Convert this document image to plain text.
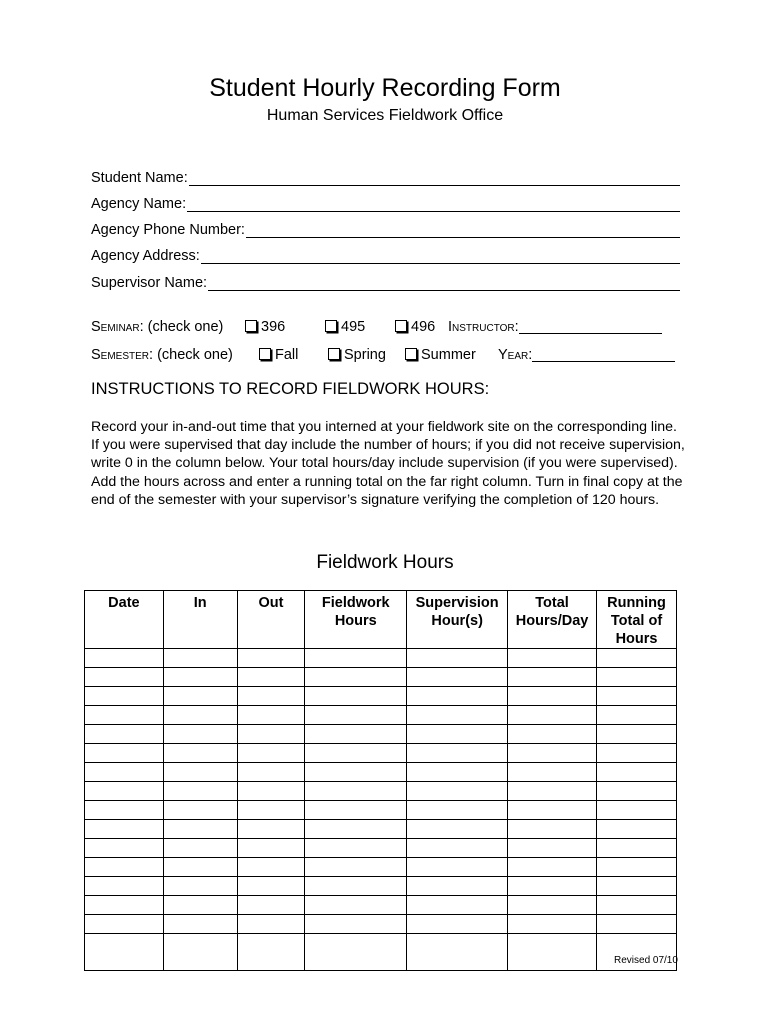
Student Hourly Recording Form
Human Services Fieldwork Office
Student Name:
Agency Name:
Agency Phone Number:
Agency Address:
Supervisor Name:
Seminar: (check one)	396	495	496 Instructor:
Semester: (check one)	Fall	Spring	Summer Year:
INSTRUCTIONS TO RECORD FIELDWORK HOURS:
Record your in-and-out time that you interned at your fieldwork site on the corresponding line. If you were supervised that day include the number of hours; if you did not receive supervision, write 0 in the column below. Your total hours/day include supervision (if you were supervised). Add the hours across and enter a running total on the far right column. Turn in final copy at the end of the semester with your supervisor’s signature verifying the completion of 120 hours.
Fieldwork Hours
Date	In	Out	Fieldwork Hours	Supervision Hour(s)	Total Hours/Day	Running Total of Hours

Revised 07/10
